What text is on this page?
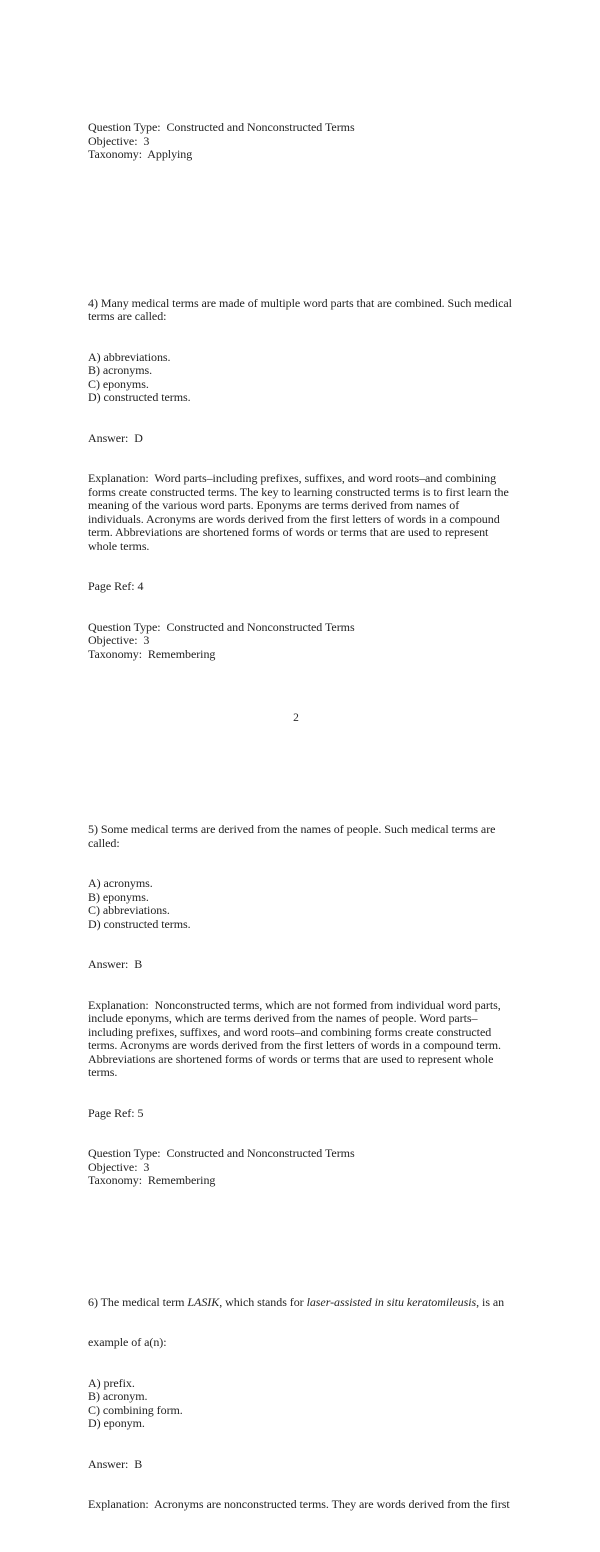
Question Type:  Constructed and Nonconstructed Terms
Objective:  3
Taxonomy:  Applying

4) Many medical terms are made of multiple word parts that are combined. Such medical
terms are called:

A) abbreviations.
B) acronyms.
C) eponyms.
D) constructed terms.

Answer:  D

Explanation:  Word parts–including prefixes, suffixes, and word roots–and combining
forms create constructed terms. The key to learning constructed terms is to first learn the
meaning of the various word parts. Eponyms are terms derived from names of
individuals. Acronyms are words derived from the first letters of words in a compound
term. Abbreviations are shortened forms of words or terms that are used to represent
whole terms.

Page Ref: 4

Question Type:  Constructed and Nonconstructed Terms
Objective:  3
Taxonomy:  Remembering

5) Some medical terms are derived from the names of people. Such medical terms are
called:

A) acronyms.
B) eponyms.
C) abbreviations.
D) constructed terms.

Answer:  B

Explanation:  Nonconstructed terms, which are not formed from individual word parts,
include eponyms, which are terms derived from the names of people. Word parts–
including prefixes, suffixes, and word roots–and combining forms create constructed
terms. Acronyms are words derived from the first letters of words in a compound term.
Abbreviations are shortened forms of words or terms that are used to represent whole
terms.

Page Ref: 5

Question Type:  Constructed and Nonconstructed Terms
Objective:  3
Taxonomy:  Remembering

6) The medical term LASIK, which stands for laser-assisted in situ keratomileusis, is an

example of a(n):

A) prefix.
B) acronym.
C) combining form.
D) eponym.

Answer:  B

Explanation:  Acronyms are nonconstructed terms. They are words derived from the first

2
